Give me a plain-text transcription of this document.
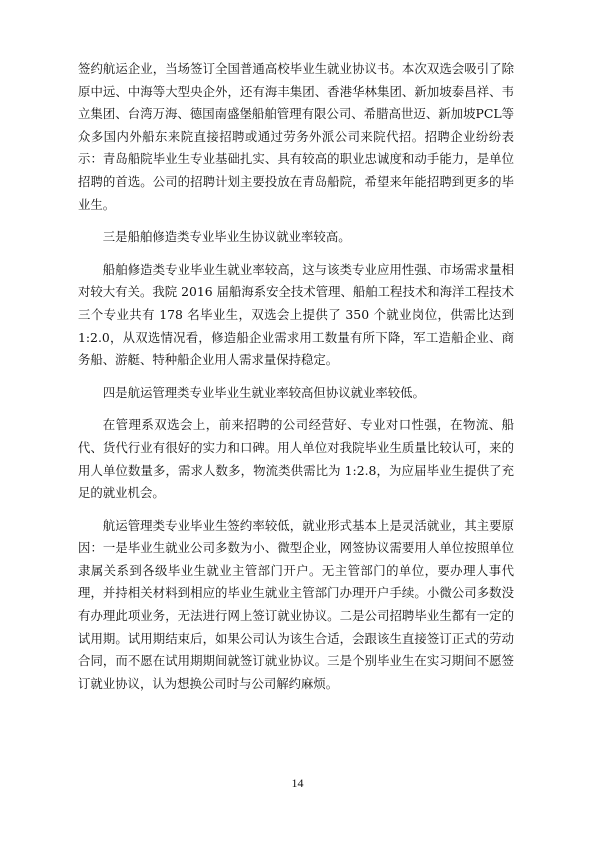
签约航运企业，当场签订全国普通高校毕业生就业协议书。本次双选会吸引了除原中远、中海等大型央企外，还有海丰集团、香港华林集团、新加坡泰昌祥、韦立集团、台湾万海、德国南盛堡船舶管理有限公司、希腊高世迈、新加坡PCL等众多国内外船东来院直接招聘或通过劳务外派公司来院代招。招聘企业纷纷表示：青岛船院毕业生专业基础扎实、具有较高的职业忠诚度和动手能力，是单位招聘的首选。公司的招聘计划主要投放在青岛船院，希望来年能招聘到更多的毕业生。

三是船舶修造类专业毕业生协议就业率较高。

船舶修造类专业毕业生就业率较高，这与该类专业应用性强、市场需求量相对较大有关。我院 2016 届船海系安全技术管理、船舶工程技术和海洋工程技术三个专业共有 178 名毕业生，双选会上提供了 350 个就业岗位，供需比达到 1:2.0，从双选情况看，修造船企业需求用工数量有所下降，军工造船企业、商务船、游艇、特种船企业用人需求量保持稳定。

四是航运管理类专业毕业生就业率较高但协议就业率较低。

在管理系双选会上，前来招聘的公司经营好、专业对口性强，在物流、船代、货代行业有很好的实力和口碑。用人单位对我院毕业生质量比较认可，来的用人单位数量多，需求人数多，物流类供需比为 1:2.8，为应届毕业生提供了充足的就业机会。

航运管理类专业毕业生签约率较低，就业形式基本上是灵活就业，其主要原因：一是毕业生就业公司多数为小、微型企业，网签协议需要用人单位按照单位隶属关系到各级毕业生就业主管部门开户。无主管部门的单位，要办理人事代理，并持相关材料到相应的毕业生就业主管部门办理开户手续。小微公司多数没有办理此项业务，无法进行网上签订就业协议。二是公司招聘毕业生都有一定的试用期。试用期结束后，如果公司认为该生合适，会跟该生直接签订正式的劳动合同，而不愿在试用期期间就签订就业协议。三是个别毕业生在实习期间不愿签订就业协议，认为想换公司时与公司解约麻烦。

14
